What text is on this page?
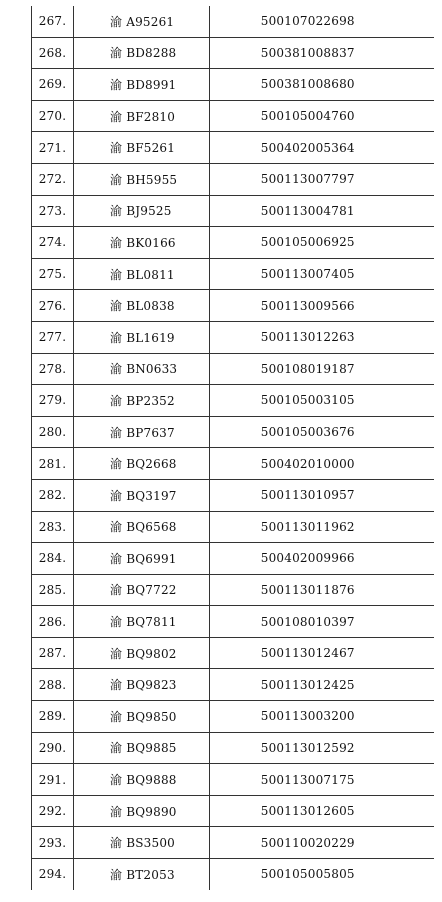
267.	渝 A95261	500107022698
268.	渝 BD8288	500381008837
269.	渝 BD8991	500381008680
270.	渝 BF2810	500105004760
271.	渝 BF5261	500402005364
272.	渝 BH5955	500113007797
273.	渝 BJ9525	500113004781
274.	渝 BK0166	500105006925
275.	渝 BL0811	500113007405
276.	渝 BL0838	500113009566
277.	渝 BL1619	500113012263
278.	渝 BN0633	500108019187
279.	渝 BP2352	500105003105
280.	渝 BP7637	500105003676
281.	渝 BQ2668	500402010000
282.	渝 BQ3197	500113010957
283.	渝 BQ6568	500113011962
284.	渝 BQ6991	500402009966
285.	渝 BQ7722	500113011876
286.	渝 BQ7811	500108010397
287.	渝 BQ9802	500113012467
288.	渝 BQ9823	500113012425
289.	渝 BQ9850	500113003200
290.	渝 BQ9885	500113012592
291.	渝 BQ9888	500113007175
292.	渝 BQ9890	500113012605
293.	渝 BS3500	500110020229
294.	渝 BT2053	500105005805
